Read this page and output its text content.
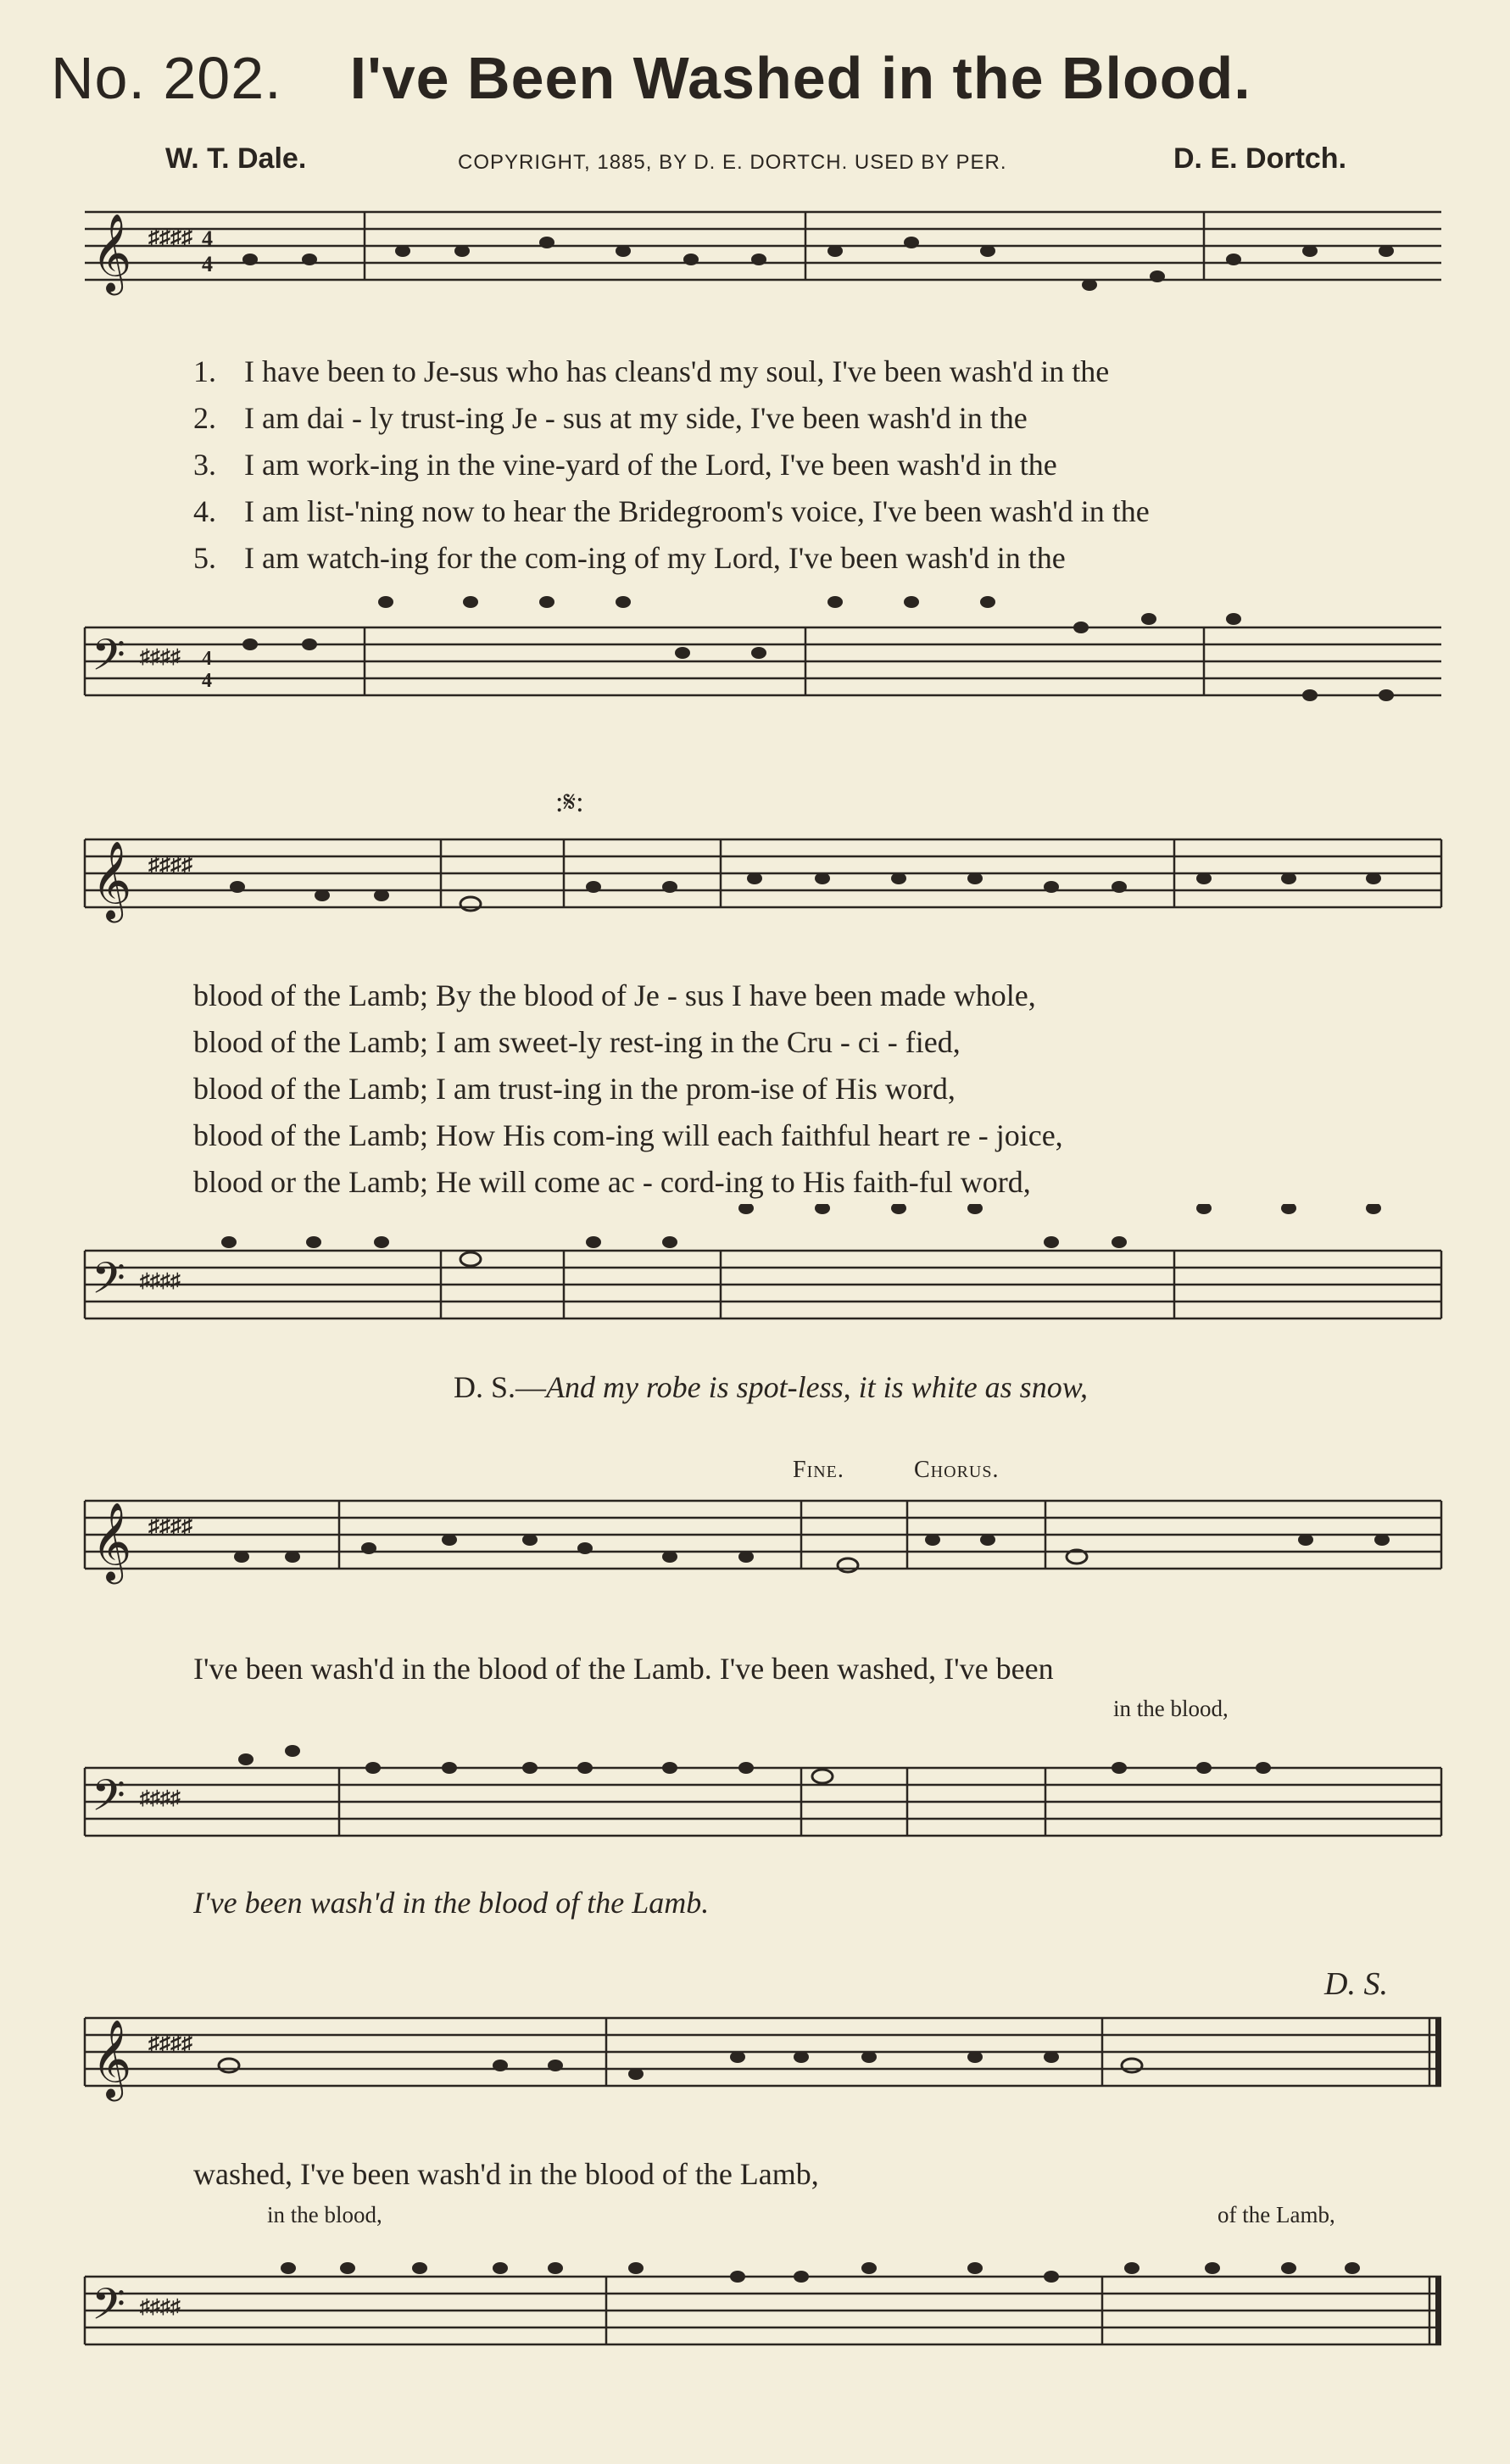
No. 202. I've Been Washed in the Blood.
W. T. Dale.	COPYRIGHT, 1885, BY D. E. DORTCH. USED BY PER.	D. E. Dortch.
𝄞 ♯♯♯♯ 4
4
1. I have been to Je-sus who has cleans'd my soul, I've been wash'd in the
2. I am dai - ly trust-ing Je - sus at my side, I've been wash'd in the
3. I am work-ing in the vine-yard of the Lord, I've been wash'd in the
4. I am list-'ning now to hear the Bridegroom's voice, I've been wash'd in the
5. I am watch-ing for the com-ing of my Lord, I've been wash'd in the
𝄢 ♯♯♯♯ 4
4
𝄞 ♯♯♯♯
:𝄋:
blood of the Lamb; By the blood of Je - sus I have been made whole,
blood of the Lamb; I am sweet-ly rest-ing in the Cru - ci - fied,
blood of the Lamb; I am trust-ing in the prom-ise of His word,
blood of the Lamb; How His com-ing will each faithful heart re - joice,
blood or the Lamb; He will come ac - cord-ing to His faith-ful word,
𝄢 ♯♯♯♯
D. S.—And my robe is spot-less, it is white as snow,
Fine.	Chorus.
𝄞 ♯♯♯♯
I've been wash'd in the blood of the Lamb. I've been washed, I've been
in the blood,
𝄢 ♯♯♯♯
I've been wash'd in the blood of the Lamb.
D. S.
𝄞 ♯♯♯♯
washed, I've been wash'd in the blood of the Lamb,
in the blood,	of the Lamb,
𝄢 ♯♯♯♯
